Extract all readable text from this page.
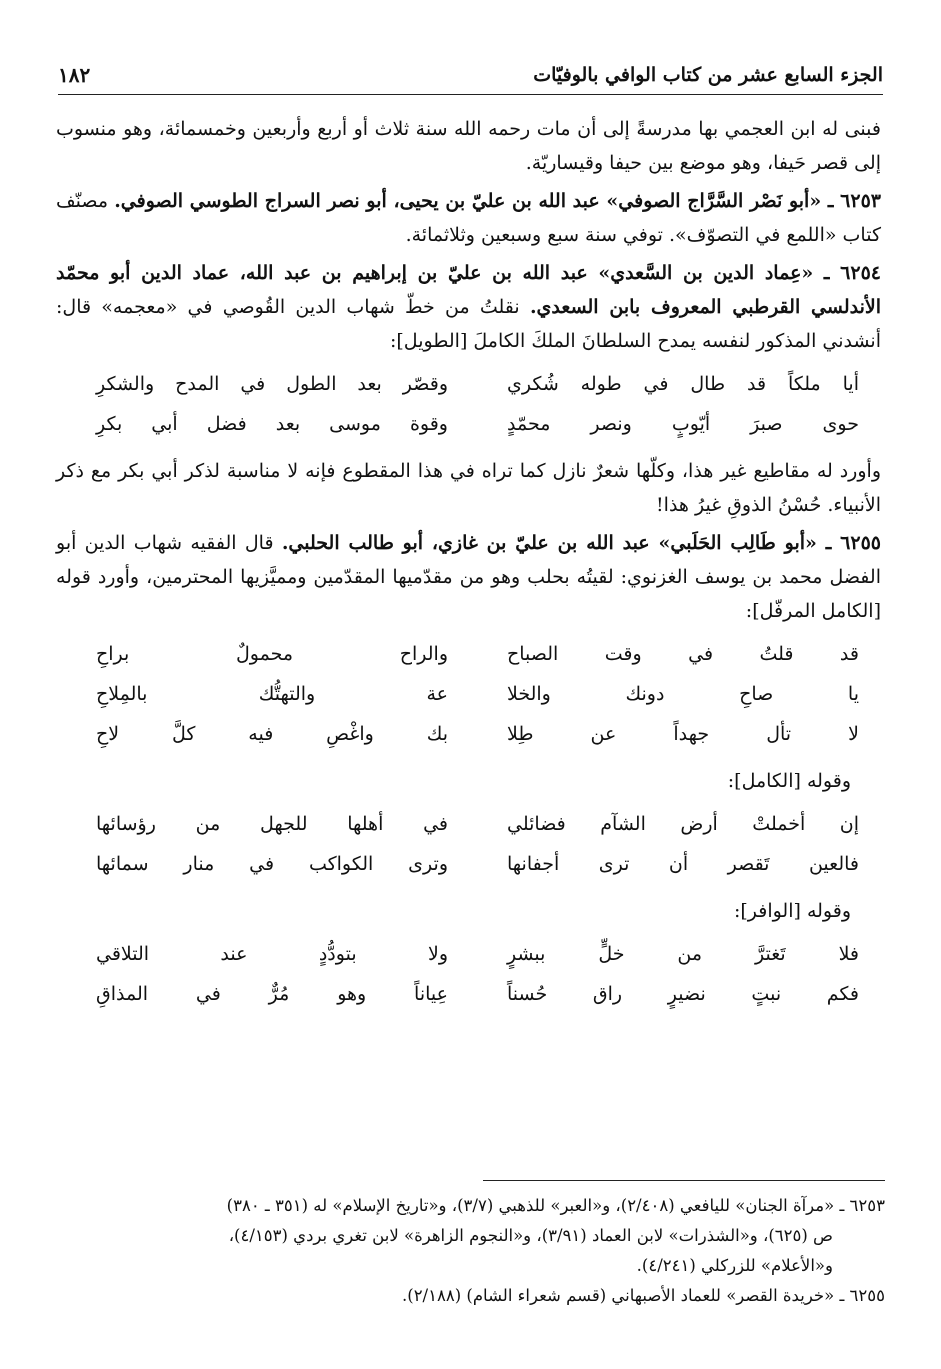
الجزء السابع عشر من كتاب الوافي بالوفيّات
١٨٢

فبنى له ابن العجمي بها مدرسةً إلى أن مات رحمه الله سنة ثلاث أو أربع وأربعين وخمسمائة، وهو منسوب إلى قصر حَيفا، وهو موضع بين حيفا وقيساريّة.

٦٢٥٣ ـ «أبو نَصْر السَّرَّاج الصوفي» عبد الله بن عليّ بن يحيى، أبو نصر السراج الطوسي الصوفي. مصنّف كتاب «اللمع في التصوّف». توفي سنة سبع وسبعين وثلاثمائة.

٦٢٥٤ ـ «عِماد الدين بن السَّعدي» عبد الله بن عليّ بن إبراهيم بن عبد الله، عماد الدين أبو محمّد الأندلسي القرطبي المعروف بابن السعدي. نقلتُ من خطّ شهاب الدين القُوصي في «معجمه» قال: أنشدني المذكور لنفسه يمدح السلطانَ الملكَ الكاملَ [الطويل]:

أيا ملكاً قد طال في طوله شُكري
وقصّر بعد الطول في المدح والشكرِ
حوى صبرَ أيّوبٍ ونصر محمّدٍ
وقوة موسى بعد فضل أبي بكرِ

وأورد له مقاطيع غير هذا، وكلّها شعرٌ نازل كما تراه في هذا المقطوع فإنه لا مناسبة لذكر أبي بكر مع ذكر الأنبياء. حُسْنُ الذوقِ غيرُ هذا!

٦٢٥٥ ـ «أبو طَالِب الحَلَبي» عبد الله بن عليّ بن غازي، أبو طالب الحلبي. قال الفقيه شهاب الدين أبو الفضل محمد بن يوسف الغزنوي: لقيتُه بحلب وهو من مقدّميها المقدّمين ومميَّزيها المحترمين، وأورد قوله [الكامل المرفّل]:

قد قلتُ في وقت الصباح
والراح محمولٌ براحِ
يا صاحِ دونك والخلا
عة والتهتُّك بالمِلاحِ
لا تأل جهداً عن طِلا
بك واغْصِ فيه كلَّ لاحِ

وقوله [الكامل]:

إن أخملتْ أرض الشآم فضائلي
في أهلها للجهل من رؤسائها
فالعين تَقصر أن ترى أجفانها
وترى الكواكب في منار سمائها

وقوله [الوافر]:

فلا تَغترَّ من خلٍّ ببشرٍ
ولا بتودُّدٍ عند التلاقي
فكم نبتٍ نضيرٍ راق حُسناً
عِياناً وهو مُرٌّ في المذاقِ

٦٢٥٣ ـ «مرآة الجنان» لليافعي (٢/٤٠٨)، و«العبر» للذهبي (٣/٧)، و«تاريخ الإسلام» له (٣٥١ ـ ٣٨٠)

ص (٦٢٥)، و«الشذرات» لابن العماد (٣/٩١)، و«النجوم الزاهرة» لابن تغري بردي (٤/١٥٣)،

و«الأعلام» للزركلي (٤/٢٤١).

٦٢٥٥ ـ «خريدة القصر» للعماد الأصبهاني (قسم شعراء الشام) (٢/١٨٨).
